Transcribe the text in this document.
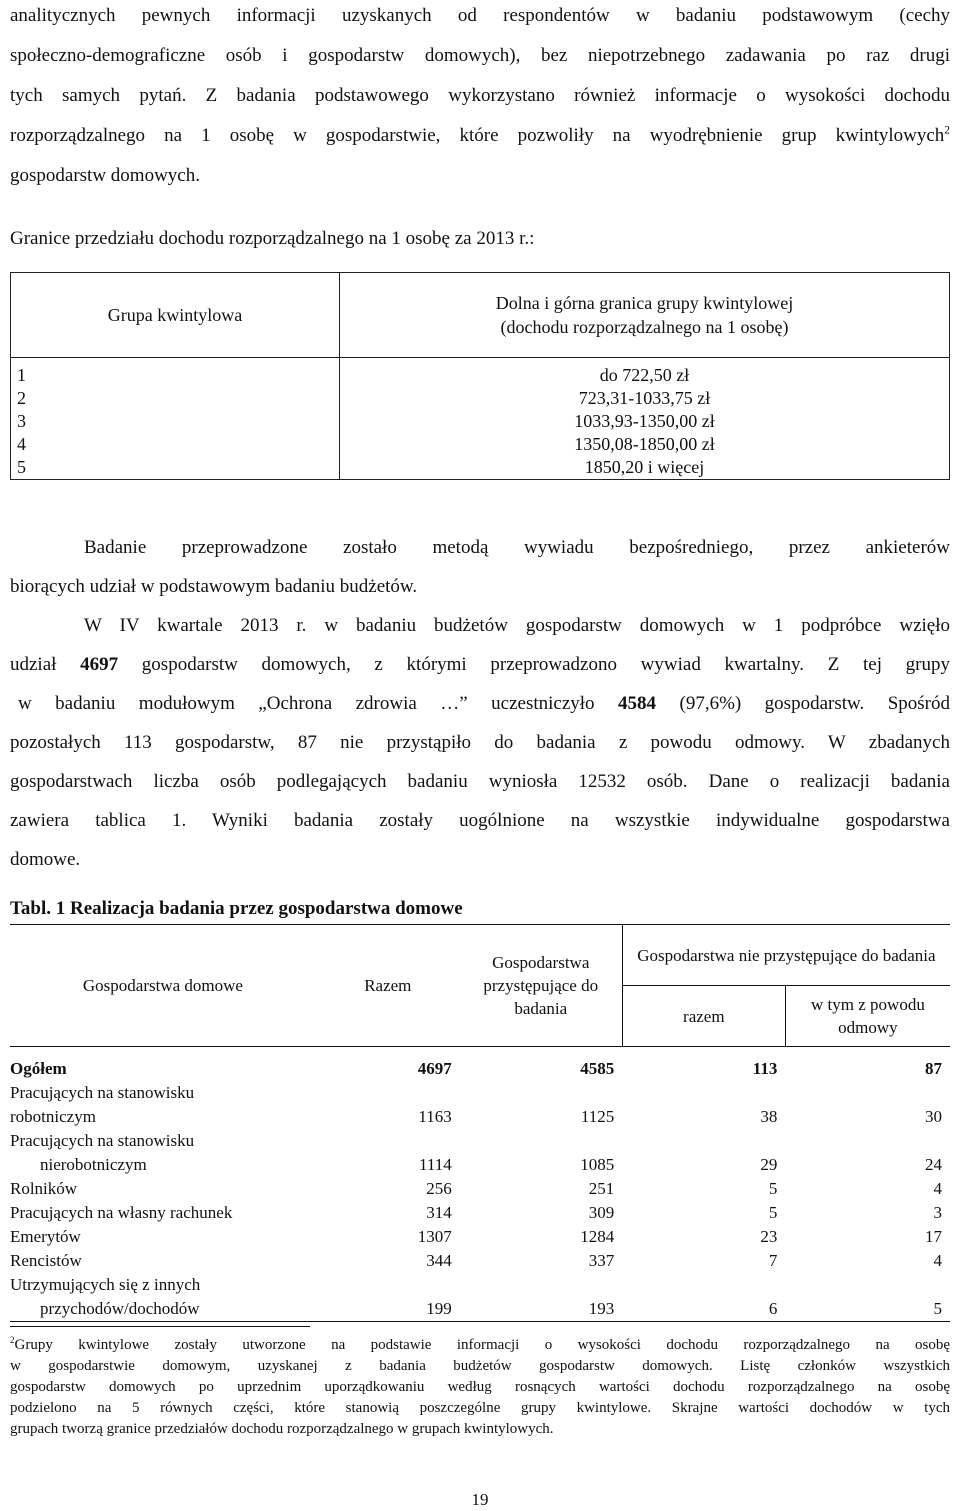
analitycznych pewnych informacji uzyskanych od respondentów w badaniu podstawowym (cechy
społeczno-demograficzne osób i gospodarstw domowych), bez niepotrzebnego zadawania po raz drugi
tych samych pytań. Z badania podstawowego wykorzystano również informacje o wysokości dochodu
rozporządzalnego na 1 osobę w gospodarstwie, które pozwoliły na wyodrębnienie grup kwintylowych$^2$
gospodarstw domowych.

Granice przedziału dochodu rozporządzalnego na 1 osobę za 2013 r.:

Grupa kwintylowa	Dolna i górna granica grupy kwintylowej
(dochodu rozporządzalnego na 1 osobę)

1	do 722,50 zł
2	723,31-1033,75 zł
3	1033,93-1350,00 zł
4	1350,08-1850,00 zł
5	1850,20 i więcej
Badanie przeprowadzone zostało metodą wywiadu bezpośredniego, przez ankieterów
biorących udział w podstawowym badaniu budżetów.
W IV kwartale 2013 r. w badaniu budżetów gospodarstw domowych w 1 podpróbce wzięło
udział 4697 gospodarstw domowych, z którymi przeprowadzono wywiad kwartalny. Z tej grupy
w badaniu modułowym „Ochrona zdrowia …” uczestniczyło 4584 (97,6%) gospodarstw. Spośród
pozostałych 113 gospodarstw, 87 nie przystąpiło do badania z powodu odmowy. W zbadanych
gospodarstwach liczba osób podlegających badaniu wyniosła 12532 osób. Dane o realizacji badania
zawiera tablica 1. Wyniki badania zostały uogólnione na wszystkie indywidualne gospodarstwa
domowe.
Tabl. 1 Realizacja badania przez gospodarstwa domowe
Gospodarstwa domowe	Razem	Gospodarstwa przystępujące do badania	Gospodarstwa nie przystępujące do badania	
			razem	w tym z powodu odmowy
Ogółem	4697	4585	113	87

Pracujących na stanowisku
robotniczym	1163	1125	38	30

Pracujących na stanowisku
nierobotniczym	1114	1085	29	24
Rolników	256	251	5	4
Pracujących na własny rachunek	314	309	5	3
Emerytów	1307	1284	23	17
Rencistów	344	337	7	4

Utrzymujących się z innych
przychodów/dochodów	199	193	6	5
$^2$Grupy kwintylowe zostały utworzone na podstawie informacji o wysokości dochodu rozporządzalnego na osobę
w gospodarstwie domowym, uzyskanej z badania budżetów gospodarstw domowych. Listę członków wszystkich
gospodarstw domowych po uprzednim uporządkowaniu według rosnących wartości dochodu rozporządzalnego na osobę
podzielono na 5 równych części, które stanowią poszczególne grupy kwintylowe. Skrajne wartości dochodów w tych
grupach tworzą granice przedziałów dochodu rozporządzalnego w grupach kwintylowych.
19
